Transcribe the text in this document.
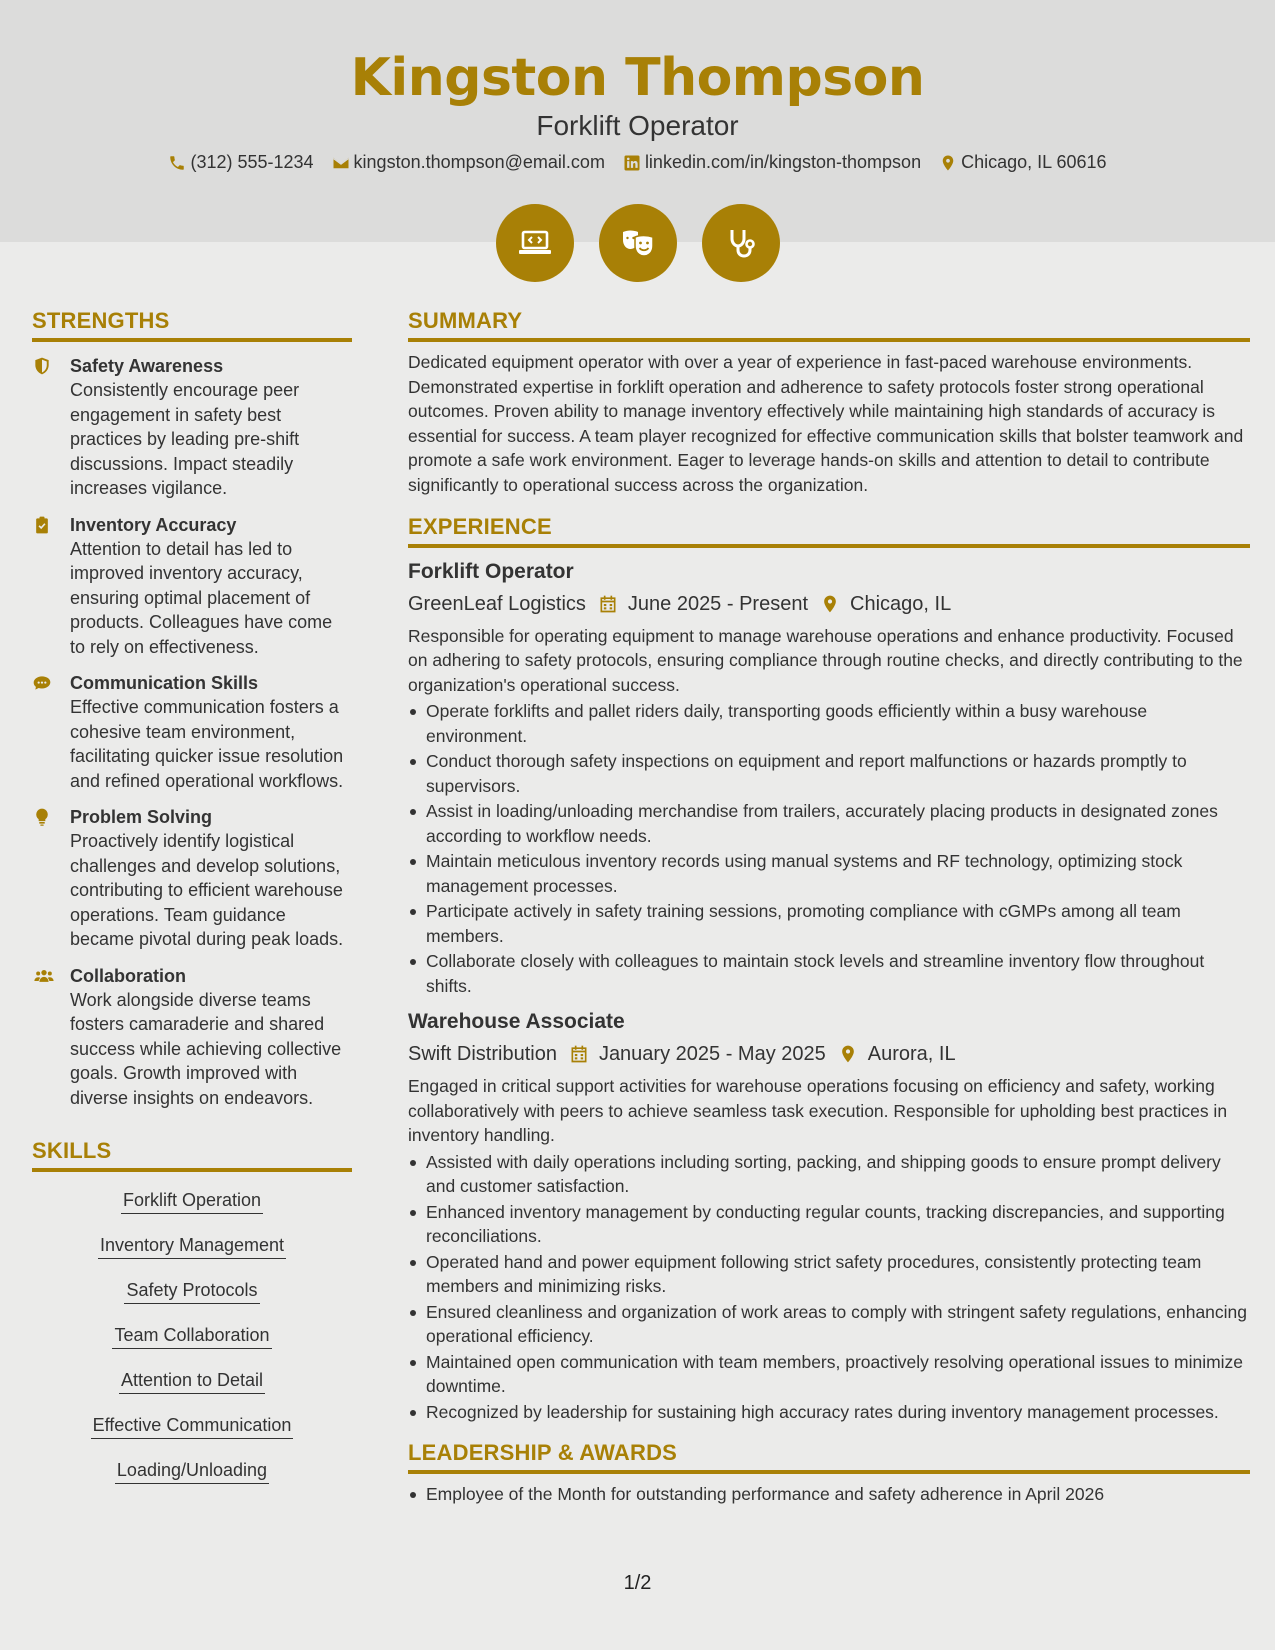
Kingston Thompson
Forklift Operator
(312) 555-1234 kingston.thompson@email.com linkedin.com/in/kingston-thompson Chicago, IL 60616
STRENGTHS
Safety Awareness
Consistently encourage peer engagement in safety best practices by leading pre-shift discussions. Impact steadily increases vigilance.
Inventory Accuracy
Attention to detail has led to improved inventory accuracy, ensuring optimal placement of products. Colleagues have come to rely on effectiveness.
Communication Skills
Effective communication fosters a cohesive team environment, facilitating quicker issue resolution and refined operational workflows.
Problem Solving
Proactively identify logistical challenges and develop solutions, contributing to efficient warehouse operations. Team guidance became pivotal during peak loads.
Collaboration
Work alongside diverse teams fosters camaraderie and shared success while achieving collective goals. Growth improved with diverse insights on endeavors.
SKILLS
Forklift Operation
Inventory Management
Safety Protocols
Team Collaboration
Attention to Detail
Effective Communication
Loading/Unloading
SUMMARY
Dedicated equipment operator with over a year of experience in fast-paced warehouse environments. Demonstrated expertise in forklift operation and adherence to safety protocols foster strong operational outcomes. Proven ability to manage inventory effectively while maintaining high standards of accuracy is essential for success. A team player recognized for effective communication skills that bolster teamwork and promote a safe work environment. Eager to leverage hands-on skills and attention to detail to contribute significantly to operational success across the organization.
EXPERIENCE
Forklift Operator
GreenLeaf Logistics June 2025 - Present Chicago, IL
Responsible for operating equipment to manage warehouse operations and enhance productivity. Focused on adhering to safety protocols, ensuring compliance through routine checks, and directly contributing to the organization's operational success.
Operate forklifts and pallet riders daily, transporting goods efficiently within a busy warehouse environment.
Conduct thorough safety inspections on equipment and report malfunctions or hazards promptly to supervisors.
Assist in loading/unloading merchandise from trailers, accurately placing products in designated zones according to workflow needs.
Maintain meticulous inventory records using manual systems and RF technology, optimizing stock management processes.
Participate actively in safety training sessions, promoting compliance with cGMPs among all team members.
Collaborate closely with colleagues to maintain stock levels and streamline inventory flow throughout shifts.
Warehouse Associate
Swift Distribution January 2025 - May 2025 Aurora, IL
Engaged in critical support activities for warehouse operations focusing on efficiency and safety, working collaboratively with peers to achieve seamless task execution. Responsible for upholding best practices in inventory handling.
Assisted with daily operations including sorting, packing, and shipping goods to ensure prompt delivery and customer satisfaction.
Enhanced inventory management by conducting regular counts, tracking discrepancies, and supporting reconciliations.
Operated hand and power equipment following strict safety procedures, consistently protecting team members and minimizing risks.
Ensured cleanliness and organization of work areas to comply with stringent safety regulations, enhancing operational efficiency.
Maintained open communication with team members, proactively resolving operational issues to minimize downtime.
Recognized by leadership for sustaining high accuracy rates during inventory management processes.
LEADERSHIP & AWARDS
Employee of the Month for outstanding performance and safety adherence in April 2026
1/2
